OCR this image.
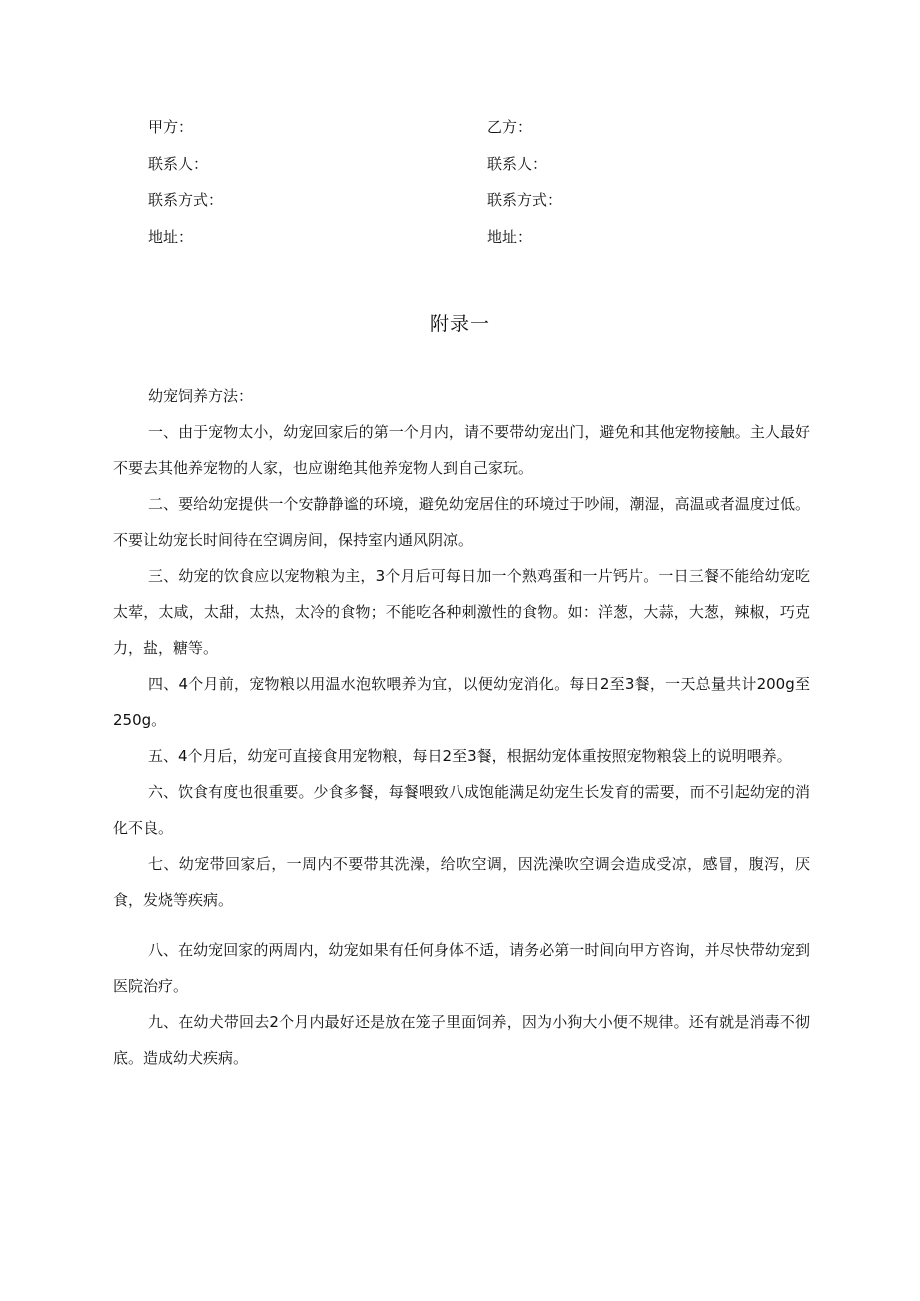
甲方：	乙方：
联系人：	联系人：
联系方式：	联系方式：
地址：	地址：
附录一

幼宠饲养方法：

一、由于宠物太小，幼宠回家后的第一个月内，请不要带幼宠出门，避免和其他宠物接触。主人最好不要去其他养宠物的人家，也应谢绝其他养宠物人到自己家玩。

二、要给幼宠提供一个安静静谧的环境，避免幼宠居住的环境过于吵闹，潮湿，高温或者温度过低。不要让幼宠长时间待在空调房间，保持室内通风阴凉。

三、幼宠的饮食应以宠物粮为主，3个月后可每日加一个熟鸡蛋和一片钙片。一日三餐不能给幼宠吃太荤，太咸，太甜，太热，太冷的食物；不能吃各种刺激性的食物。如：洋葱，大蒜，大葱，辣椒，巧克力，盐，糖等。

四、4个月前，宠物粮以用温水泡软喂养为宜，以便幼宠消化。每日2至3餐，一天总量共计200g至250g。

五、4个月后，幼宠可直接食用宠物粮，每日2至3餐，根据幼宠体重按照宠物粮袋上的说明喂养。

六、饮食有度也很重要。少食多餐，每餐喂致八成饱能满足幼宠生长发育的需要，而不引起幼宠的消化不良。

七、幼宠带回家后，一周内不要带其洗澡，给吹空调，因洗澡吹空调会造成受凉，感冒，腹泻，厌食，发烧等疾病。

八、在幼宠回家的两周内，幼宠如果有任何身体不适，请务必第一时间向甲方咨询，并尽快带幼宠到医院治疗。

九、在幼犬带回去2个月内最好还是放在笼子里面饲养，因为小狗大小便不规律。还有就是消毒不彻底。造成幼犬疾病。
